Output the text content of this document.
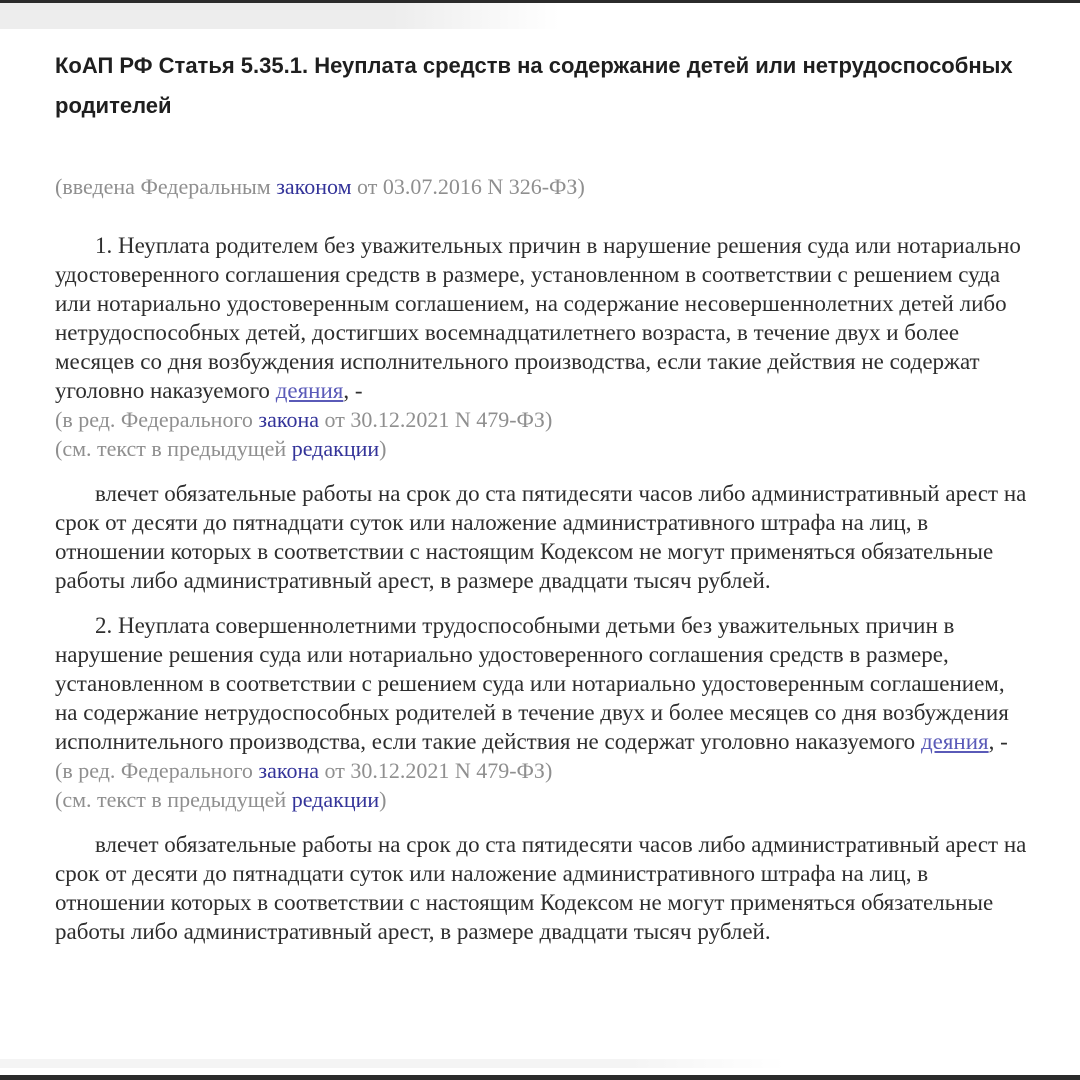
КоАП РФ Статья 5.35.1. Неуплата средств на содержание детей или нетрудоспособных родителей

(введена Федеральным законом от 03.07.2016 N 326-ФЗ)

1. Неуплата родителем без уважительных причин в нарушение решения суда или нотариально удостоверенного соглашения средств в размере, установленном в соответствии с решением суда или нотариально удостоверенным соглашением, на содержание несовершеннолетних детей либо нетрудоспособных детей, достигших восемнадцатилетнего возраста, в течение двух и более месяцев со дня возбуждения исполнительного производства, если такие действия не содержат уголовно наказуемого деяния, -

(в ред. Федерального закона от 30.12.2021 N 479-ФЗ)

(см. текст в предыдущей редакции)

влечет обязательные работы на срок до ста пятидесяти часов либо административный арест на срок от десяти до пятнадцати суток или наложение административного штрафа на лиц, в отношении которых в соответствии с настоящим Кодексом не могут применяться обязательные работы либо административный арест, в размере двадцати тысяч рублей.

2. Неуплата совершеннолетними трудоспособными детьми без уважительных причин в нарушение решения суда или нотариально удостоверенного соглашения средств в размере, установленном в соответствии с решением суда или нотариально удостоверенным соглашением, на содержание нетрудоспособных родителей в течение двух и более месяцев со дня возбуждения исполнительного производства, если такие действия не содержат уголовно наказуемого деяния, -

(в ред. Федерального закона от 30.12.2021 N 479-ФЗ)

(см. текст в предыдущей редакции)

влечет обязательные работы на срок до ста пятидесяти часов либо административный арест на срок от десяти до пятнадцати суток или наложение административного штрафа на лиц, в отношении которых в соответствии с настоящим Кодексом не могут применяться обязательные работы либо административный арест, в размере двадцати тысяч рублей.
